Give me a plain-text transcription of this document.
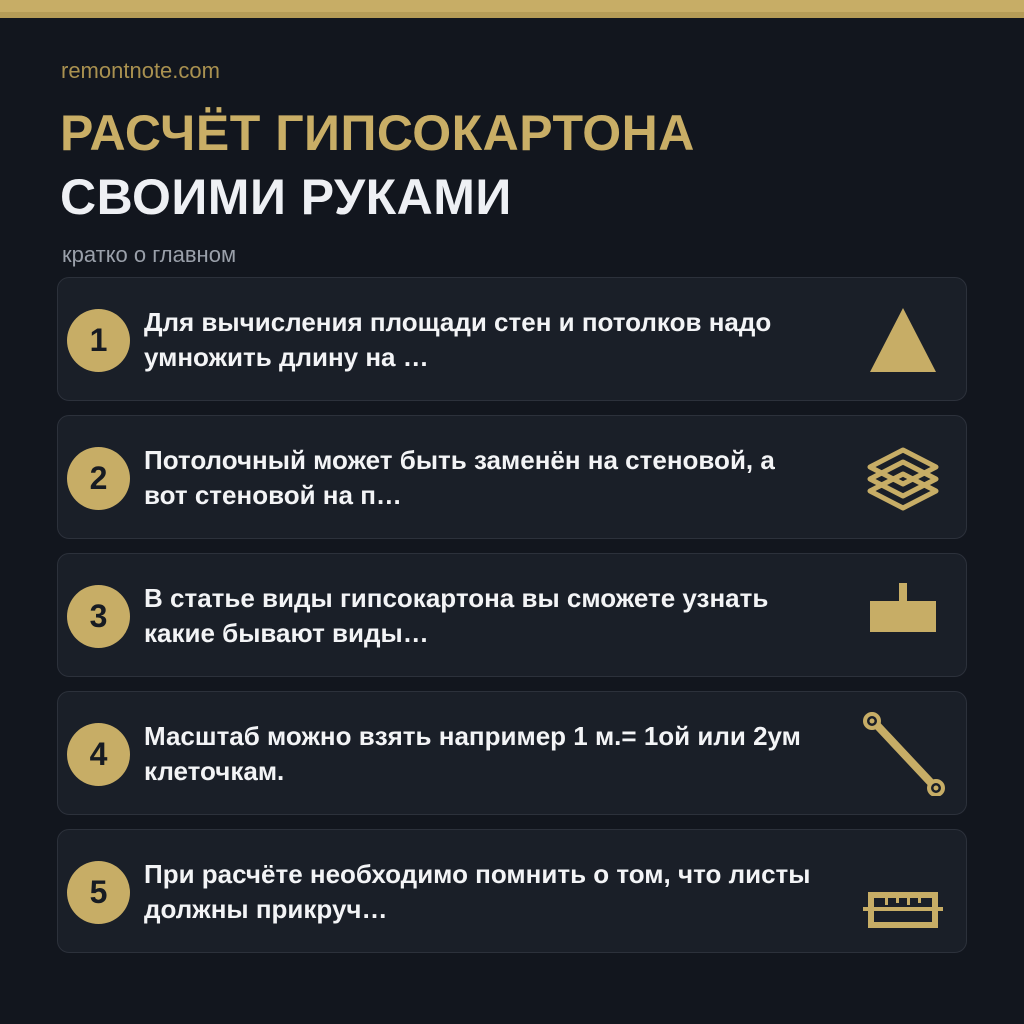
remontnote.com
РАСЧЁТ ГИПСОКАРТОНА
СВОИМИ РУКАМИ
кратко о главном
1	Для вычисления площади стен и потолков надо
умножить длину на …
2	Потолочный может быть заменён на стеновой, а
вот стеновой на п…
3	В статье виды гипсокартона вы сможете узнать
какие бывают виды…
4	Масштаб можно взять например 1 м.= 1ой или 2ум
клеточкам.
5	При расчёте необходимо помнить о том, что листы
должны прикруч…
